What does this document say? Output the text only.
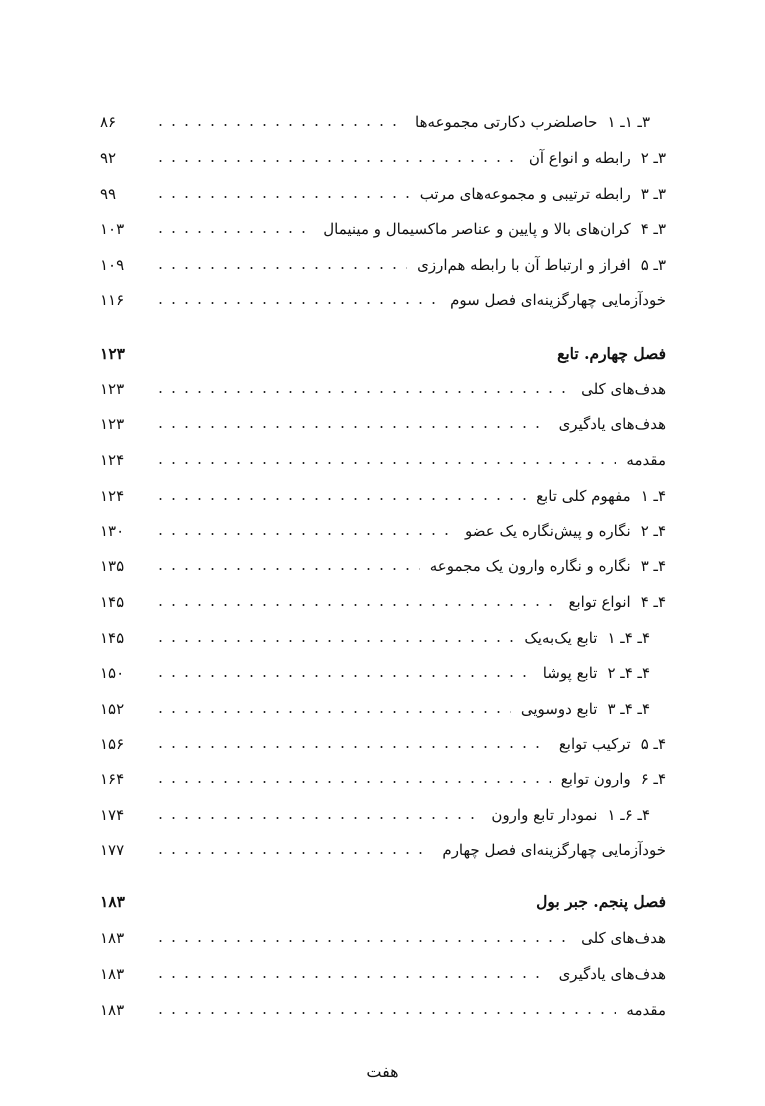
۳ـ ۱ـ ۱حاصلضرب دکارتی مجموعه‌ها
۸۶
۳ـ ۲رابطه و انواع آن
۹۲
۳ـ ۳رابطه ترتیبی و مجموعه‌های مرتب
۹۹
۳ـ ۴کران‌های بالا و پایین و عناصر ماکسیمال و مینیمال
۱۰۳
۳ـ ۵افراز و ارتباط آن با رابطه هم‌ارزی
۱۰۹
خودآزمایی چهارگزینه‌ای فصل سوم
۱۱۶
فصل چهارم. تابع
۱۲۳
هدف‌های کلی
۱۲۳
هدف‌های یادگیری
۱۲۳
مقدمه
۱۲۴
۴ـ ۱مفهوم کلی تابع
۱۲۴
۴ـ ۲نگاره و پیش‌نگاره یک عضو
۱۳۰
۴ـ ۳نگاره و نگاره وارون یک مجموعه
۱۳۵
۴ـ ۴انواع توابع
۱۴۵
۴ـ ۴ـ ۱تابع یک‌به‌یک
۱۴۵
۴ـ ۴ـ ۲تابع پوشا
۱۵۰
۴ـ ۴ـ ۳تابع دوسویی
۱۵۲
۴ـ ۵ترکیب توابع
۱۵۶
۴ـ ۶وارون توابع
۱۶۴
۴ـ ۶ـ ۱نمودار تابع وارون
۱۷۴
خودآزمایی چهارگزینه‌ای فصل چهارم
۱۷۷
فصل پنجم. جبر بول
۱۸۳
هدف‌های کلی
۱۸۳
هدف‌های یادگیری
۱۸۳
مقدمه
۱۸۳
هفت
